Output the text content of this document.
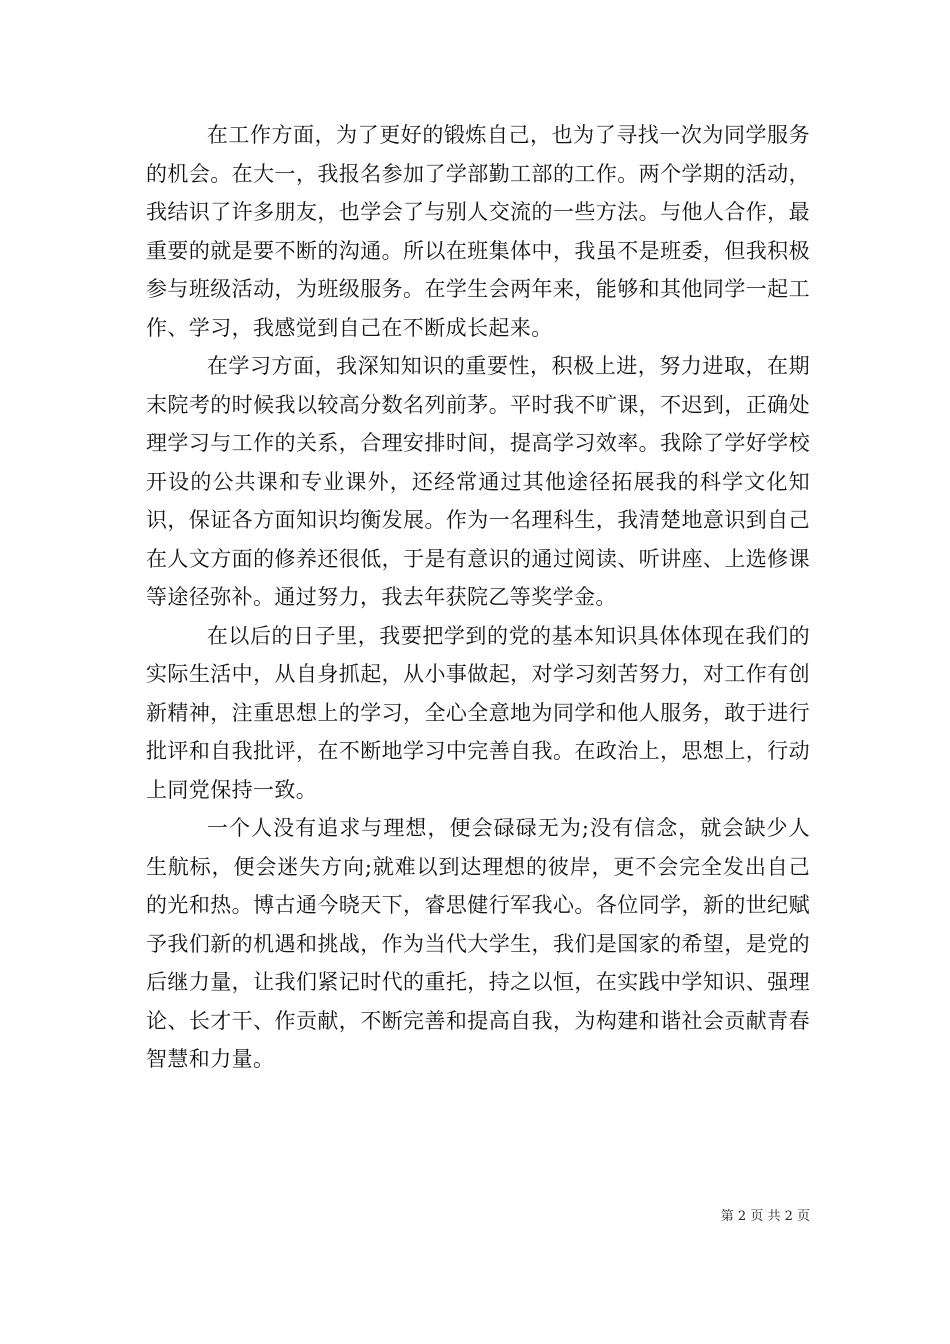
在工作方面，为了更好的锻炼自己，也为了寻找一次为同学服务的机会。在大一，我报名参加了学部勤工部的工作。两个学期的活动，我结识了许多朋友，也学会了与别人交流的一些方法。与他人合作，最重要的就是要不断的沟通。所以在班集体中，我虽不是班委，但我积极参与班级活动，为班级服务。在学生会两年来，能够和其他同学一起工作、学习，我感觉到自己在不断成长起来。

在学习方面，我深知知识的重要性，积极上进，努力进取，在期末院考的时候我以较高分数名列前茅。平时我不旷课，不迟到，正确处理学习与工作的关系，合理安排时间，提高学习效率。我除了学好学校开设的公共课和专业课外，还经常通过其他途径拓展我的科学文化知识，保证各方面知识均衡发展。作为一名理科生，我清楚地意识到自己在人文方面的修养还很低，于是有意识的通过阅读、听讲座、上选修课等途径弥补。通过努力，我去年获院乙等奖学金。

在以后的日子里，我要把学到的党的基本知识具体体现在我们的实际生活中，从自身抓起，从小事做起，对学习刻苦努力，对工作有创新精神，注重思想上的学习，全心全意地为同学和他人服务，敢于进行批评和自我批评，在不断地学习中完善自我。在政治上，思想上，行动上同党保持一致。

一个人没有追求与理想，便会碌碌无为;没有信念，就会缺少人生航标，便会迷失方向;就难以到达理想的彼岸，更不会完全发出自己的光和热。博古通今晓天下，睿思健行军我心。各位同学，新的世纪赋予我们新的机遇和挑战，作为当代大学生，我们是国家的希望，是党的后继力量，让我们紧记时代的重托，持之以恒，在实践中学知识、强理论、长才干、作贡献，不断完善和提高自我，为构建和谐社会贡献青春智慧和力量。

第 2 页 共 2 页
